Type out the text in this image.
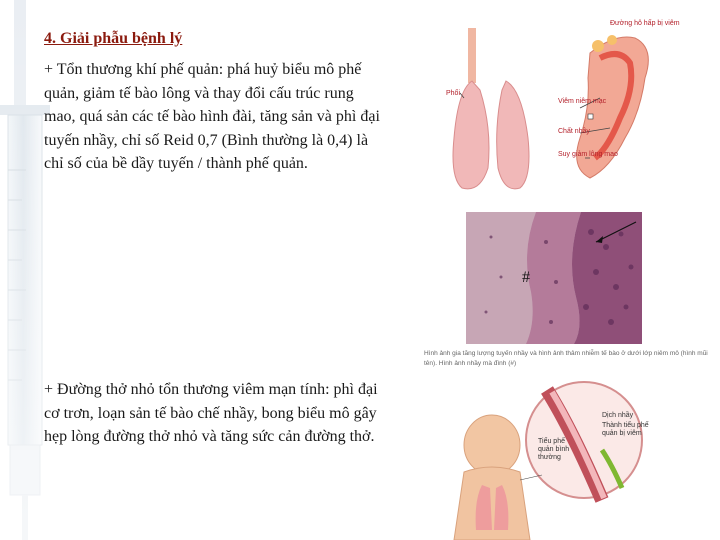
4. Giải phẫu bệnh lý

+ Tổn thương khí phế quản: phá huỷ biểu mô phế quản, giảm tế bào lông và thay đổi cấu trúc rung mao, quá sản các tế bào hình đài, tăng sản và phì đại tuyến nhầy, chỉ số Reid 0,7 (Bình thường là 0,4) là chỉ số của bề dầy tuyến / thành phế quản.

+ Đường thở nhỏ tổn thương viêm mạn tính: phì đại cơ trơn, loạn sản tế bào chế nhầy, bong biểu mô gây hẹp lòng đường thở nhỏ và tăng sức cản đường thở.

Đường hô hấp bị viêm
Phổi
Viêm niêm mạc
Chất nhầy
Suy giảm lông mao
#
Hình ảnh gia tăng lượng tuyến nhầy và hình ảnh thâm nhiễm tế bào ở dưới lớp niêm mô (hình mũi tên). Hình ảnh nhầy mà đình (#)
Dịch nhầy
Thành tiểu phế quản bị viêm
Tiểu phế quản bình thường
